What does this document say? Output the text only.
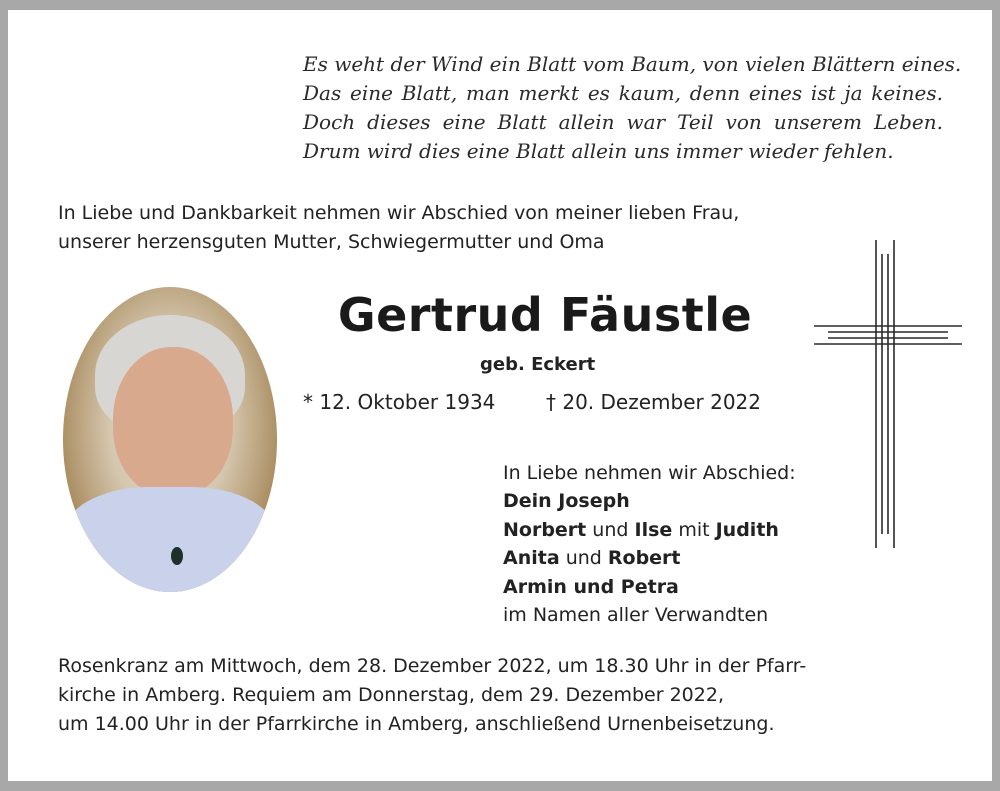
Es weht der Wind ein Blatt vom Baum, von vielen Blättern eines.
Das eine Blatt, man merkt es kaum, denn eines ist ja keines.
Doch dieses eine Blatt allein war Teil von unserem Leben.
Drum wird dies eine Blatt allein uns immer wieder fehlen.
In Liebe und Dankbarkeit nehmen wir Abschied von meiner lieben Frau,
unserer herzensguten Mutter, Schwiegermutter und Oma
Gertrud Fäustle
geb. Eckert
* 12. Oktober 1934	† 20. Dezember 2022
In Liebe nehmen wir Abschied:
Dein Joseph
Norbert und Ilse mit Judith
Anita und Robert
Armin und Petra
im Namen aller Verwandten
Rosenkranz am Mittwoch, dem 28. Dezember 2022, um 18.30 Uhr in der Pfarr-
kirche in Amberg. Requiem am Donnerstag, dem 29. Dezember 2022,
um 14.00 Uhr in der Pfarrkirche in Amberg, anschließend Urnenbeisetzung.
